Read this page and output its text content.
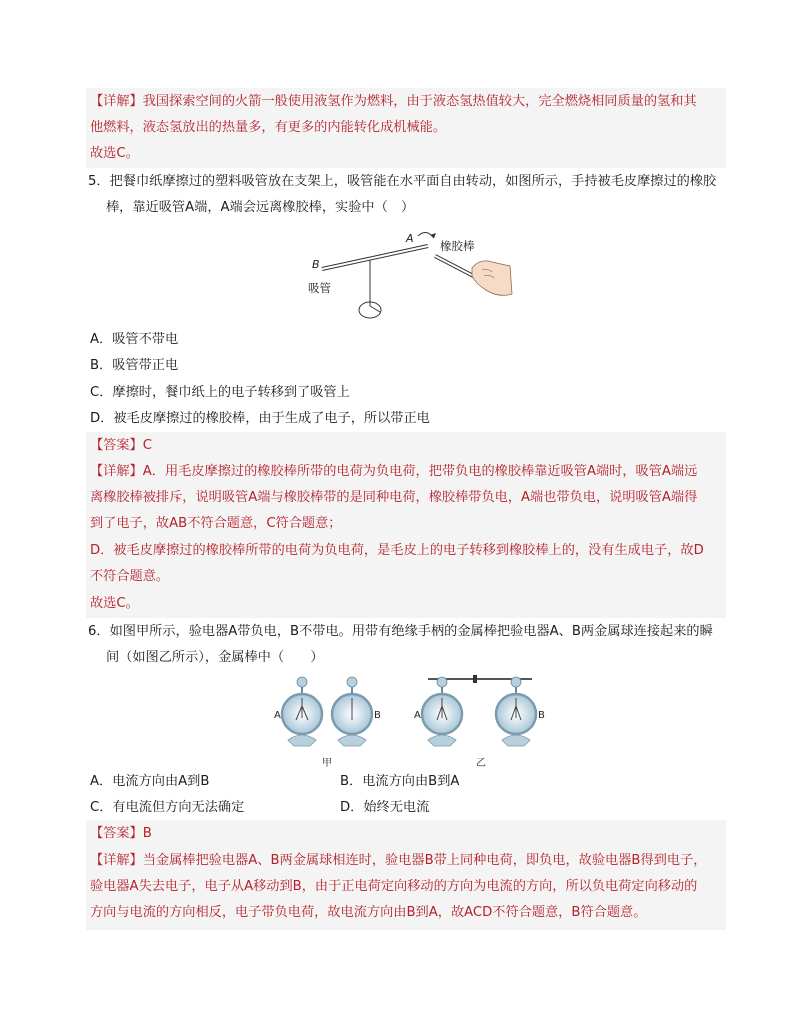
【详解】我国探索空间的火箭一般使用液氢作为燃料，由于液态氢热值较大，完全燃烧相同质量的氢和其
他燃料，液态氢放出的热量多，有更多的内能转化成机械能。
故选C。
5．把餐巾纸摩擦过的塑料吸管放在支架上，吸管能在水平面自由转动，如图所示，手持被毛皮摩擦过的橡胶
棒，靠近吸管A端，A端会远离橡胶棒，实验中（　）
B
A
橡胶棒
吸管
A．吸管不带电
B．吸管带正电
C．摩擦时，餐巾纸上的电子转移到了吸管上
D．被毛皮摩擦过的橡胶棒，由于生成了电子，所以带正电
【答案】C
【详解】A．用毛皮摩擦过的橡胶棒所带的电荷为负电荷，把带负电的橡胶棒靠近吸管A端时，吸管A端远
离橡胶棒被排斥，说明吸管A端与橡胶棒带的是同种电荷，橡胶棒带负电，A端也带负电，说明吸管A端得
到了电子，故AB不符合题意，C符合题意；
D．被毛皮摩擦过的橡胶棒所带的电荷为负电荷，是毛皮上的电子转移到橡胶棒上的，没有生成电子，故D
不符合题意。
故选C。
6．如图甲所示，验电器A带负电，B不带电。用带有绝缘手柄的金属棒把验电器A、B两金属球连接起来的瞬
间（如图乙所示），金属棒中（　　）
A	B
甲
A	B
乙
A．电流方向由A到B	B．电流方向由B到A
C．有电流但方向无法确定	D．始终无电流
【答案】B
【详解】当金属棒把验电器A、B两金属球相连时，验电器B带上同种电荷，即负电，故验电器B得到电子，
验电器A失去电子，电子从A移动到B，由于正电荷定向移动的方向为电流的方向，所以负电荷定向移动的
方向与电流的方向相反，电子带负电荷，故电流方向由B到A，故ACD不符合题意，B符合题意。
